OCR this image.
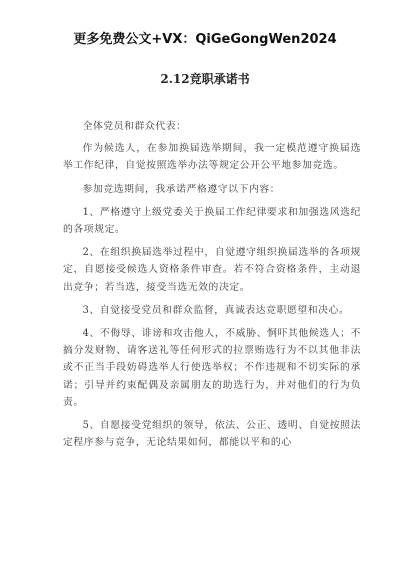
更多免费公文+VX：QiGeGongWen2024
2.12竞职承诺书

全体党员和群众代表：

作为候选人，在参加换届选举期间，我一定模范遵守换届选举工作纪律，自觉按照选举办法等规定公开公平地参加竞选。

参加竞选期间，我承诺严格遵守以下内容：

1、严格遵守上级党委关于换届工作纪律要求和加强选风选纪的各项规定。

2、在组织换届选举过程中，自觉遵守组织换届选举的各项规定，自愿接受候选人资格条件审查。若不符合资格条件，主动退出竞争；若当选，接受当选无效的决定。

3、自觉接受党员和群众监督，真诚表达竞职愿望和决心。

4、不侮辱、诽谤和攻击他人，不威胁、恫吓其他候选人；不搞分发财物、请客送礼等任何形式的拉票贿选行为不以其他非法或不正当手段妨碍选举人行使选举权；不作违规和不切实际的承诺；引导并约束配偶及亲属朋友的助选行为，并对他们的行为负责。

5、自愿接受党组织的领导，依法、公正、透明、自觉按照法定程序参与竞争，无论结果如何，都能以平和的心
